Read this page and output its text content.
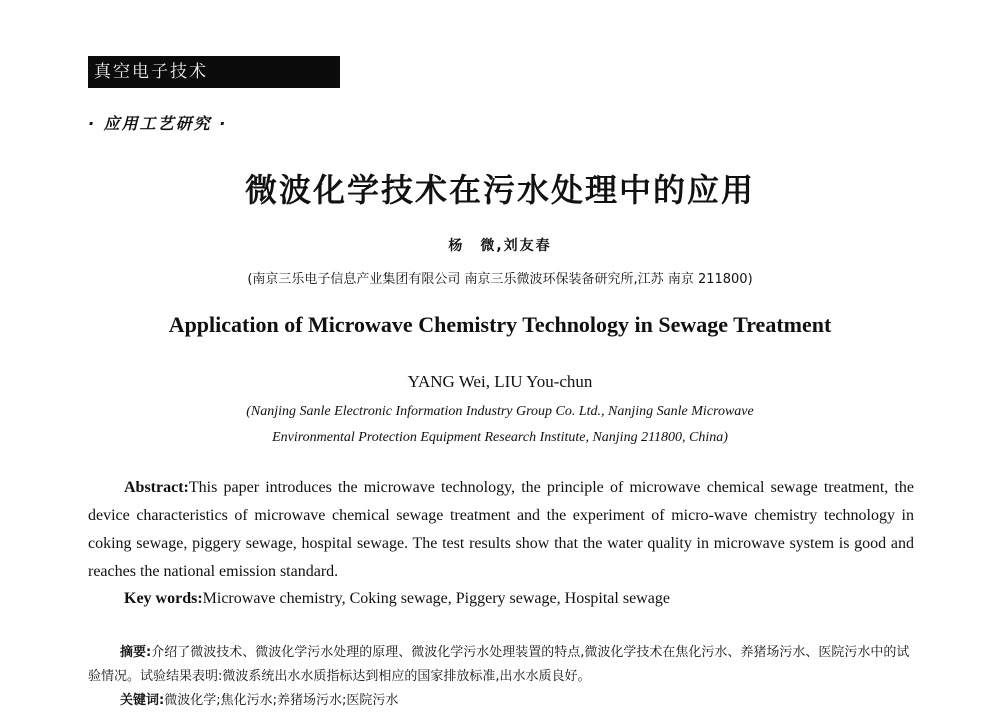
真空电子技术
· 应用工艺研究 ·
微波化学技术在污水处理中的应用
杨　微,刘友春
(南京三乐电子信息产业集团有限公司 南京三乐微波环保装备研究所,江苏 南京 211800)
Application of Microwave Chemistry Technology in Sewage Treatment
YANG Wei, LIU You-chun
(Nanjing Sanle Electronic Information Industry Group Co. Ltd., Nanjing Sanle Microwave
Environmental Protection Equipment Research Institute, Nanjing 211800, China)
Abstract:This paper introduces the microwave technology, the principle of microwave chemical sewage treatment, the device characteristics of microwave chemical sewage treatment and the experiment of micro-wave chemistry technology in coking sewage, piggery sewage, hospital sewage. The test results show that the water quality in microwave system is good and reaches the national emission standard.
Key words:Microwave chemistry, Coking sewage, Piggery sewage, Hospital sewage
摘要:介绍了微波技术、微波化学污水处理的原理、微波化学污水处理装置的特点,微波化学技术在焦化污水、养猪场污水、医院污水中的试验情况。试验结果表明:微波系统出水水质指标达到相应的国家排放标准,出水水质良好。
关键词:微波化学;焦化污水;养猪场污水;医院污水
